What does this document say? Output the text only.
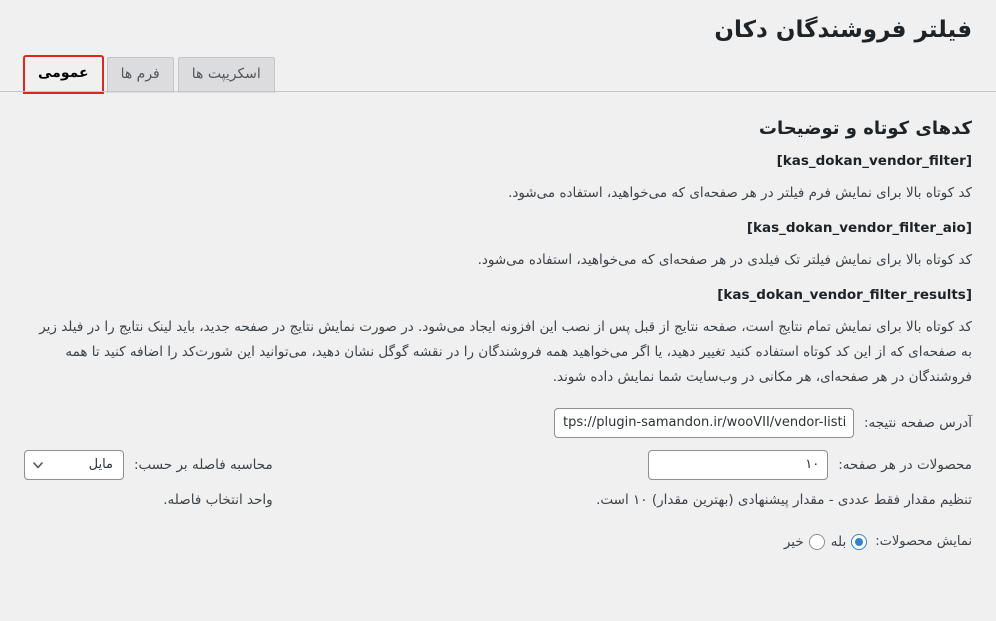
فیلتر فروشندگان دکان
اسکریپت ها
فرم ها
عمومی
کدهای کوتاه و توضیحات
[kas_dokan_vendor_filter]
کد کوتاه بالا برای نمایش فرم فیلتر در هر صفحه‌ای که می‌خواهید، استفاده می‌شود.
[kas_dokan_vendor_filter_aio]
کد کوتاه بالا برای نمایش فیلتر تک فیلدی در هر صفحه‌ای که می‌خواهید، استفاده می‌شود.
[kas_dokan_vendor_filter_results]
کد کوتاه بالا برای نمایش تمام نتایج است، صفحه نتایج از قبل پس از نصب این افزونه ایجاد می‌شود. در صورت نمایش نتایج در صفحه جدید، باید لینک نتایج را در فیلد زیر به صفحه‌ای که از این کد کوتاه استفاده کنید تغییر دهید، یا اگر می‌خواهید همه فروشندگان را در نقشه گوگل نشان دهید، می‌توانید این شورت‌کد را اضافه کنید تا همه فروشندگان در هر صفحه‌ای، هر مکانی در وب‌سایت شما نمایش داده شوند.
آدرس صفحه نتیجه:
tps://plugin-samandon.ir/wooVII/vendor-listing
محصولات در هر صفحه:
۱۰
تنظیم مقدار فقط عددی - مقدار پیشنهادی (بهترین مقدار) ۱۰ است.
محاسبه فاصله بر حسب:
مایل
واحد انتخاب فاصله.
نمایش محصولات:
بله
خیر
